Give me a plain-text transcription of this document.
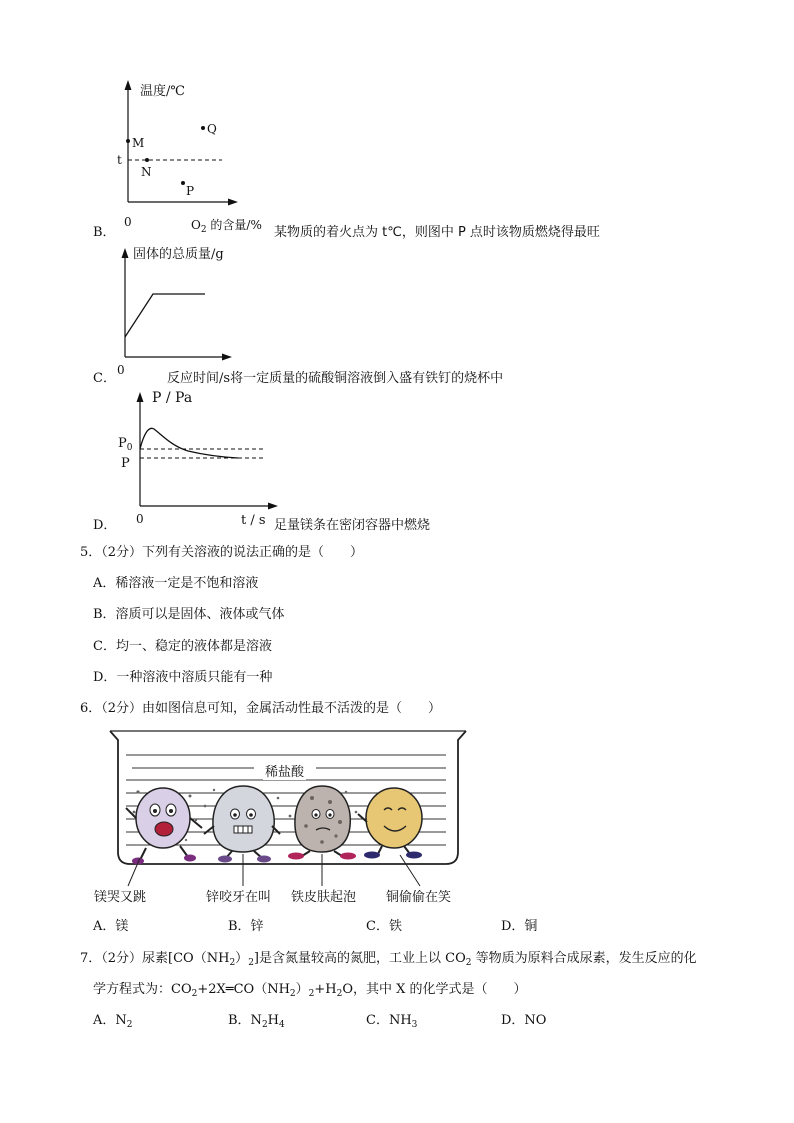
温度/℃
t
M
N
Q
P
0	$O_2$ 的含量/%
B．	某物质的着火点为 t℃，则图中 P 点时该物质燃烧得最旺
固体的总质量/g
0
C．	反应时间/s将一定质量的硫酸铜溶液倒入盛有铁钉的烧杯中
P / Pa
0	t / s
$P_0$
P
D．	足量镁条在密闭容器中燃烧
5．（2分）下列有关溶液的说法正确的是（　　）
A．稀溶液一定是不饱和溶液
B．溶质可以是固体、液体或气体
C．均一、稳定的液体都是溶液
D．一种溶液中溶质只能有一种
6．（2分）由如图信息可知，金属活动性最不活泼的是（　　）
稀盐酸
镁哭又跳	锌咬牙在叫 铁皮肤起泡 铜偷偷在笑
A．镁	B．锌	C．铁	D．铜
7．（2分）尿素$[CO(NH_2)_2]$是含氮量较高的氮肥，工业上以 $CO_2$ 等物质为原料合成尿素，发生反应的化
学方程式为：$CO_2+2X═CO(NH_2)_2+H_2O$，其中 X 的化学式是（　　）
A．$N_2$	B．$N_2H_4$	C．$NH_3$	D．NO
